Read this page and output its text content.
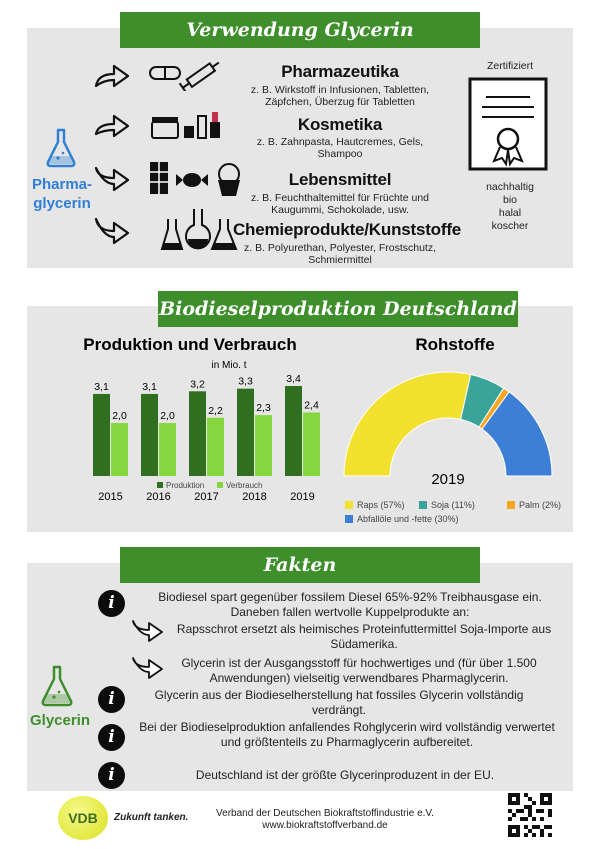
Verwendung Glycerin
Pharma-
glycerin
Pharmazeutika
z. B. Wirkstoff in Infusionen, Tabletten,
Zäpfchen, Überzug für Tabletten
Kosmetika
z. B. Zahnpasta, Hautcremes, Gels,
Shampoo
Lebensmittel
z. B. Feuchthaltemittel für Früchte und
Kaugummi, Schokolade, usw.
Chemieprodukte/Kunststoffe
z. B. Polyurethan, Polyester, Frostschutz,
Schmiermittel
Zertifiziert
nachhaltig
bio
halal
koscher
Biodieselproduktion Deutschland
Produktion und Verbrauch
in Mio. t
3,1
2,0
2015
3,1
2,0
2016
3,2
2,2
2017
3,3
2,3
2018
3,4
2,4
2019
Produktion	Verbrauch
Rohstoffe
2019
Raps (57%)	Soja (11%)	Palm (2%)
Abfallöle und -fette (30%)
Fakten
Glycerin
i	Biodiesel spart gegenüber fossilem Diesel 65%-92% Treibhausgase ein. Daneben fallen wertvolle Kuppelprodukte an:
Rapsschrot ersetzt als heimisches Proteinfuttermittel Soja-Importe aus Südamerika.
Glycerin ist der Ausgangsstoff für hochwertiges und (für über 1.500 Anwendungen) vielseitig verwendbares Pharmaglycerin.
i	Glycerin aus der Biodieselherstellung hat fossiles Glycerin vollständig verdrängt.
i	Bei der Biodieselproduktion anfallendes Rohglycerin wird vollständig verwertet und größtenteils zu Pharmaglycerin aufbereitet.
i	Deutschland ist der größte Glycerinproduzent in der EU.
VDB	Zukunft tanken.	Verband der Deutschen Biokraftstoffindustrie e.V.
www.biokraftstoffverband.de
